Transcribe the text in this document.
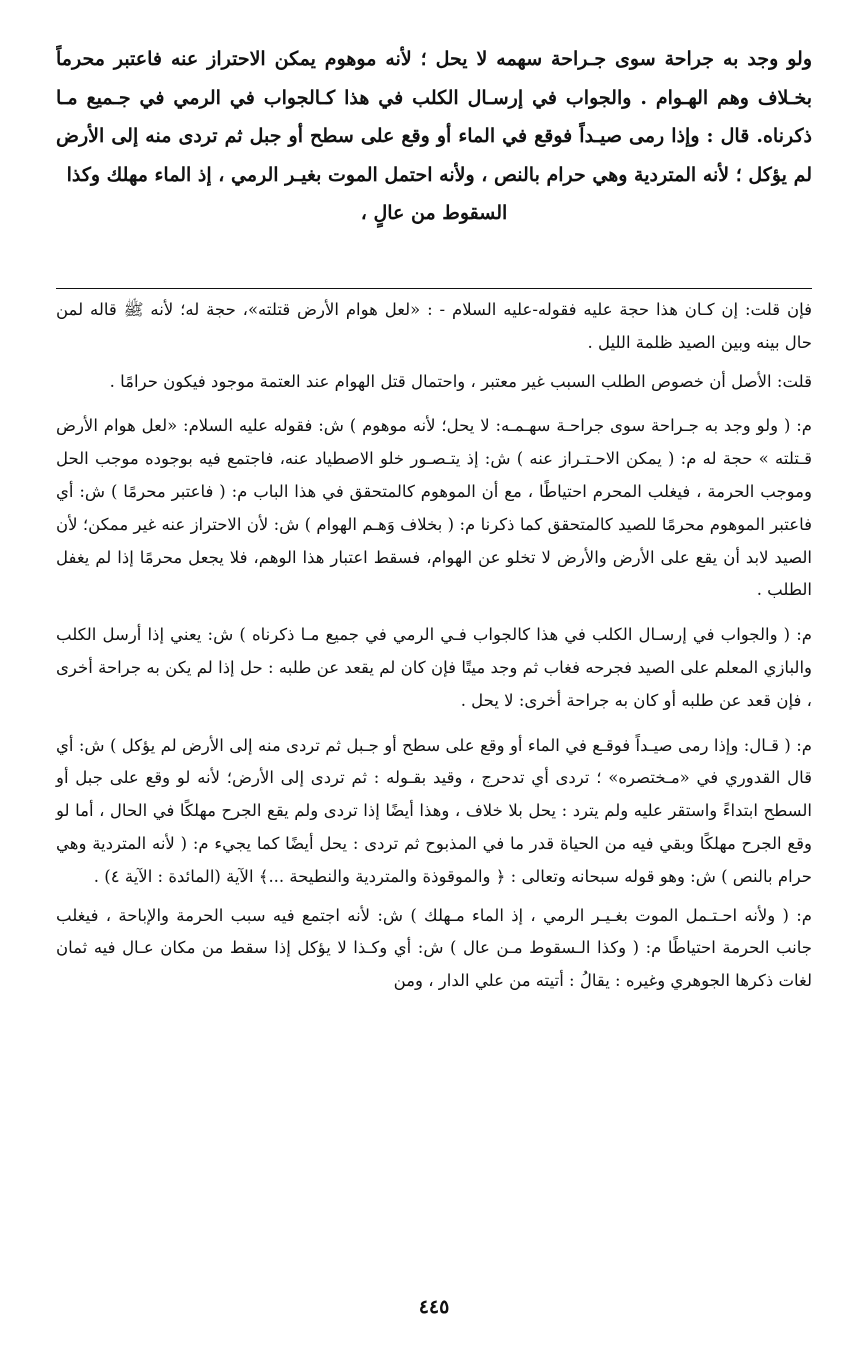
ولو وجد به جراحة سوى جـراحة سهمه لا يحل ؛ لأنه موهوم يمكن الاحتراز عنه فاعتبر محرماً بخـلاف وهم الهـوام . والجواب في إرسـال الكلب في هذا كـالجواب في الرمي في جـميع مـا ذكرناه. قال : وإذا رمى صيـداً فوقع في الماء أو وقع على سطح أو جبل ثم تردى منه إلى الأرض لم يؤكل ؛ لأنه المتردية وهي حرام بالنص ، ولأنه احتمل الموت بغيـر الرمي ، إذ الماء مهلك وكذا

السقوط من عالٍ ،

فإن قلت: إن كـان هذا حجة عليه فقوله-عليه السلام - : «لعل هوام الأرض قتلته»، حجة له؛ لأنه ﷺ قاله لمن حال بينه وبين الصيد ظلمة الليل .

قلت: الأصل أن خصوص الطلب السبب غير معتبر ، واحتمال قتل الهوام عند العتمة موجود فيكون حرامًا .

م: ( ولو وجد به جـراحة سوى جراحـة سهـمـه: لا يحل؛ لأنه موهوم ) ش: فقوله عليه السلام: «لعل هوام الأرض قـتلته » حجة له م: ( يمكن الاحـتـراز عنه ) ش: إذ يتـصـور خلو الاصطياد عنه، فاجتمع فيه بوجوده موجب الحل وموجب الحرمة ، فيغلب المحرم احتياطًا ، مع أن الموهوم كالمتحقق في هذا الباب م: ( فاعتبر محرمًا ) ش: أي فاعتبر الموهوم محرمًا للصيد كالمتحقق كما ذكرنا م: ( بخلاف وَهـم الهوام ) ش: لأن الاحتراز عنه غير ممكن؛ لأن الصيد لابد أن يقع على الأرض والأرض لا تخلو عن الهوام، فسقط اعتبار هذا الوهم، فلا يجعل محرمًا إذا لم يغفل الطلب .

م: ( والجواب في إرسـال الكلب في هذا كالجواب فـي الرمي في جميع مـا ذكرناه ) ش: يعني إذا أرسل الكلب والبازي المعلم على الصيد فجرحه فغاب ثم وجد ميتًا فإن كان لم يقعد عن طلبه : حل إذا لم يكن به جراحة أخرى ، فإن قعد عن طلبه أو كان به جراحة أخرى: لا يحل .

م: ( قـال: وإذا رمى صيـداً فوقـع في الماء أو وقع على سطح أو جـبل ثم تردى منه إلى الأرض لم يؤكل ) ش: أي قال القدوري في «مـختصره» ؛ تردى أي تدحرج ، وقيد بقـوله : ثم تردى إلى الأرض؛ لأنه لو وقع على جبل أو السطح ابتداءً واستقر عليه ولم يترد : يحل بلا خلاف ، وهذا أيضًا إذا تردى ولم يقع الجرح مهلكًا في الحال ، أما لو وقع الجرح مهلكًا وبقي فيه من الحياة قدر ما في المذبوح ثم تردى : يحل أيضًا كما يجيء م: ( لأنه المتردية وهي حرام بالنص ) ش: وهو قوله سبحانه وتعالى : ﴿ والموقوذة والمتردية والنطيحة ...﴾ الآية (المائدة : الآية ٤) .

م: ( ولأنه احـتـمل الموت بغـيـر الرمي ، إذ الماء مـهلك ) ش: لأنه اجتمع فيه سبب الحرمة والإباحة ، فيغلب جانب الحرمة احتياطًا م: ( وكذا الـسقوط مـن عال ) ش: أي وكـذا لا يؤكل إذا سقط من مكان عـال فيه ثمان لغات ذكرها الجوهري وغيره : يقالُ : أتيته من علي الدار ، ومن

٤٤٥
